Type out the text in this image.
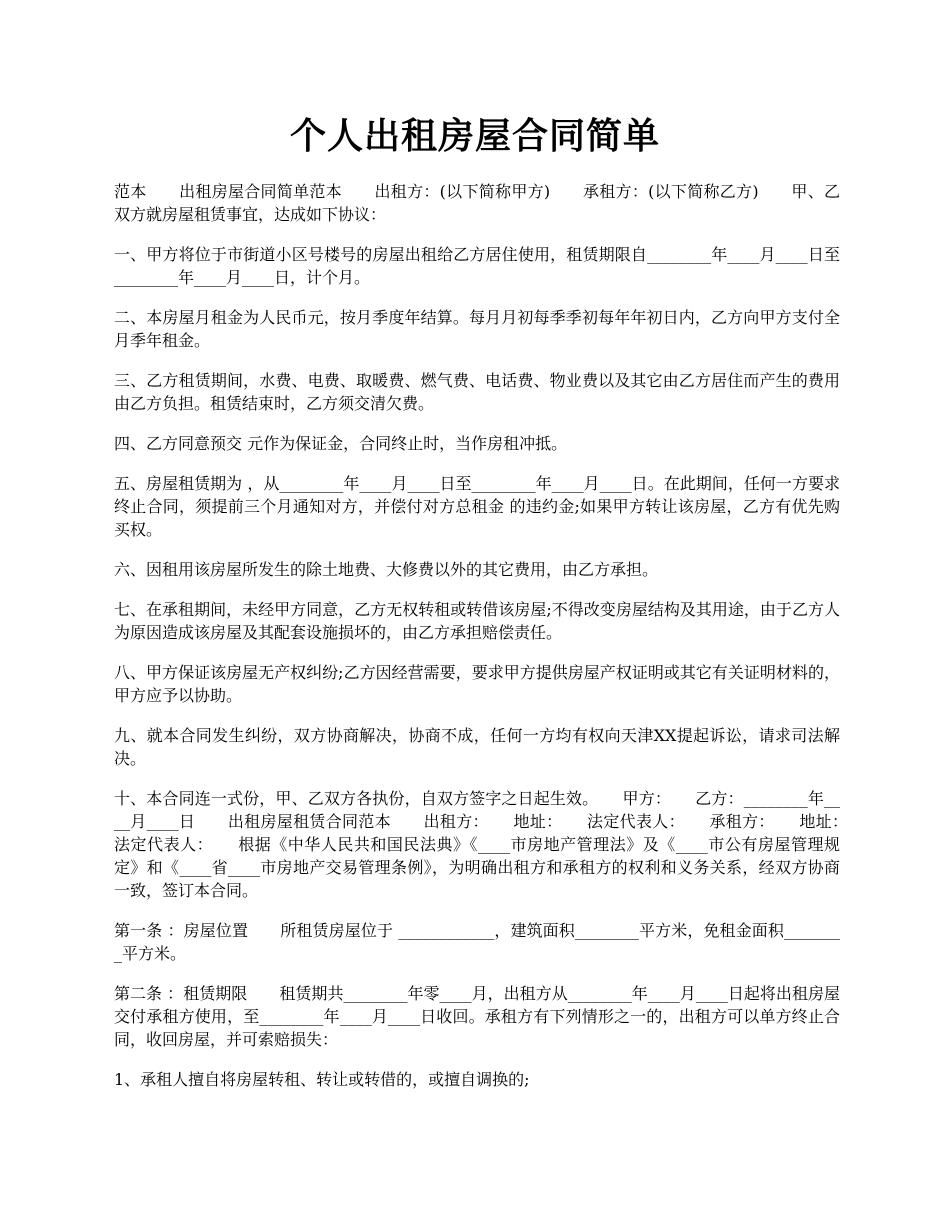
个人出租房屋合同简单

范本　　出租房屋合同简单范本　　出租方：(以下简称甲方)　　承租方：(以下简称乙方)　　甲、乙双方就房屋租赁事宜，达成如下协议：

一、甲方将位于市街道小区号楼号的房屋出租给乙方居住使用，租赁期限自________年____月____日至________年____月____日，计个月。

二、本房屋月租金为人民币元，按月季度年结算。每月月初每季季初每年年初日内，乙方向甲方支付全月季年租金。

三、乙方租赁期间，水费、电费、取暖费、燃气费、电话费、物业费以及其它由乙方居住而产生的费用由乙方负担。租赁结束时，乙方须交清欠费。

四、乙方同意预交 元作为保证金，合同终止时，当作房租冲抵。

五、房屋租赁期为 ，从________年____月____日至________年____月____日。在此期间，任何一方要求终止合同，须提前三个月通知对方，并偿付对方总租金 的违约金;如果甲方转让该房屋，乙方有优先购买权。

六、因租用该房屋所发生的除土地费、大修费以外的其它费用，由乙方承担。

七、在承租期间，未经甲方同意，乙方无权转租或转借该房屋;不得改变房屋结构及其用途，由于乙方人为原因造成该房屋及其配套设施损坏的，由乙方承担赔偿责任。

八、甲方保证该房屋无产权纠纷;乙方因经营需要，要求甲方提供房屋产权证明或其它有关证明材料的，甲方应予以协助。

九、就本合同发生纠纷，双方协商解决，协商不成，任何一方均有权向天津XX提起诉讼，请求司法解决。

十、本合同连一式份，甲、乙双方各执份，自双方签字之日起生效。　　甲方：　　乙方：________年____月____日　　出租房屋租赁合同范本　　出租方：　　地址：　　法定代表人：　　承租方：　　地址：　　法定代表人：　　根据《中华人民共和国民法典》《____市房地产管理法》及《____市公有房屋管理规定》和《____省____市房地产交易管理条例》，为明确出租方和承租方的权利和义务关系，经双方协商一致，签订本合同。

第一条 ：房屋位置　　所租赁房屋位于 ____________，建筑面积________平方米，免租金面积________平方米。

第二条 ：租赁期限　　租赁期共________年零____月，出租方从________年____月____日起将出租房屋交付承租方使用，至________年____月____日收回。承租方有下列情形之一的，出租方可以单方终止合同，收回房屋，并可索赔损失：

1、承租人擅自将房屋转租、转让或转借的，或擅自调换的;
